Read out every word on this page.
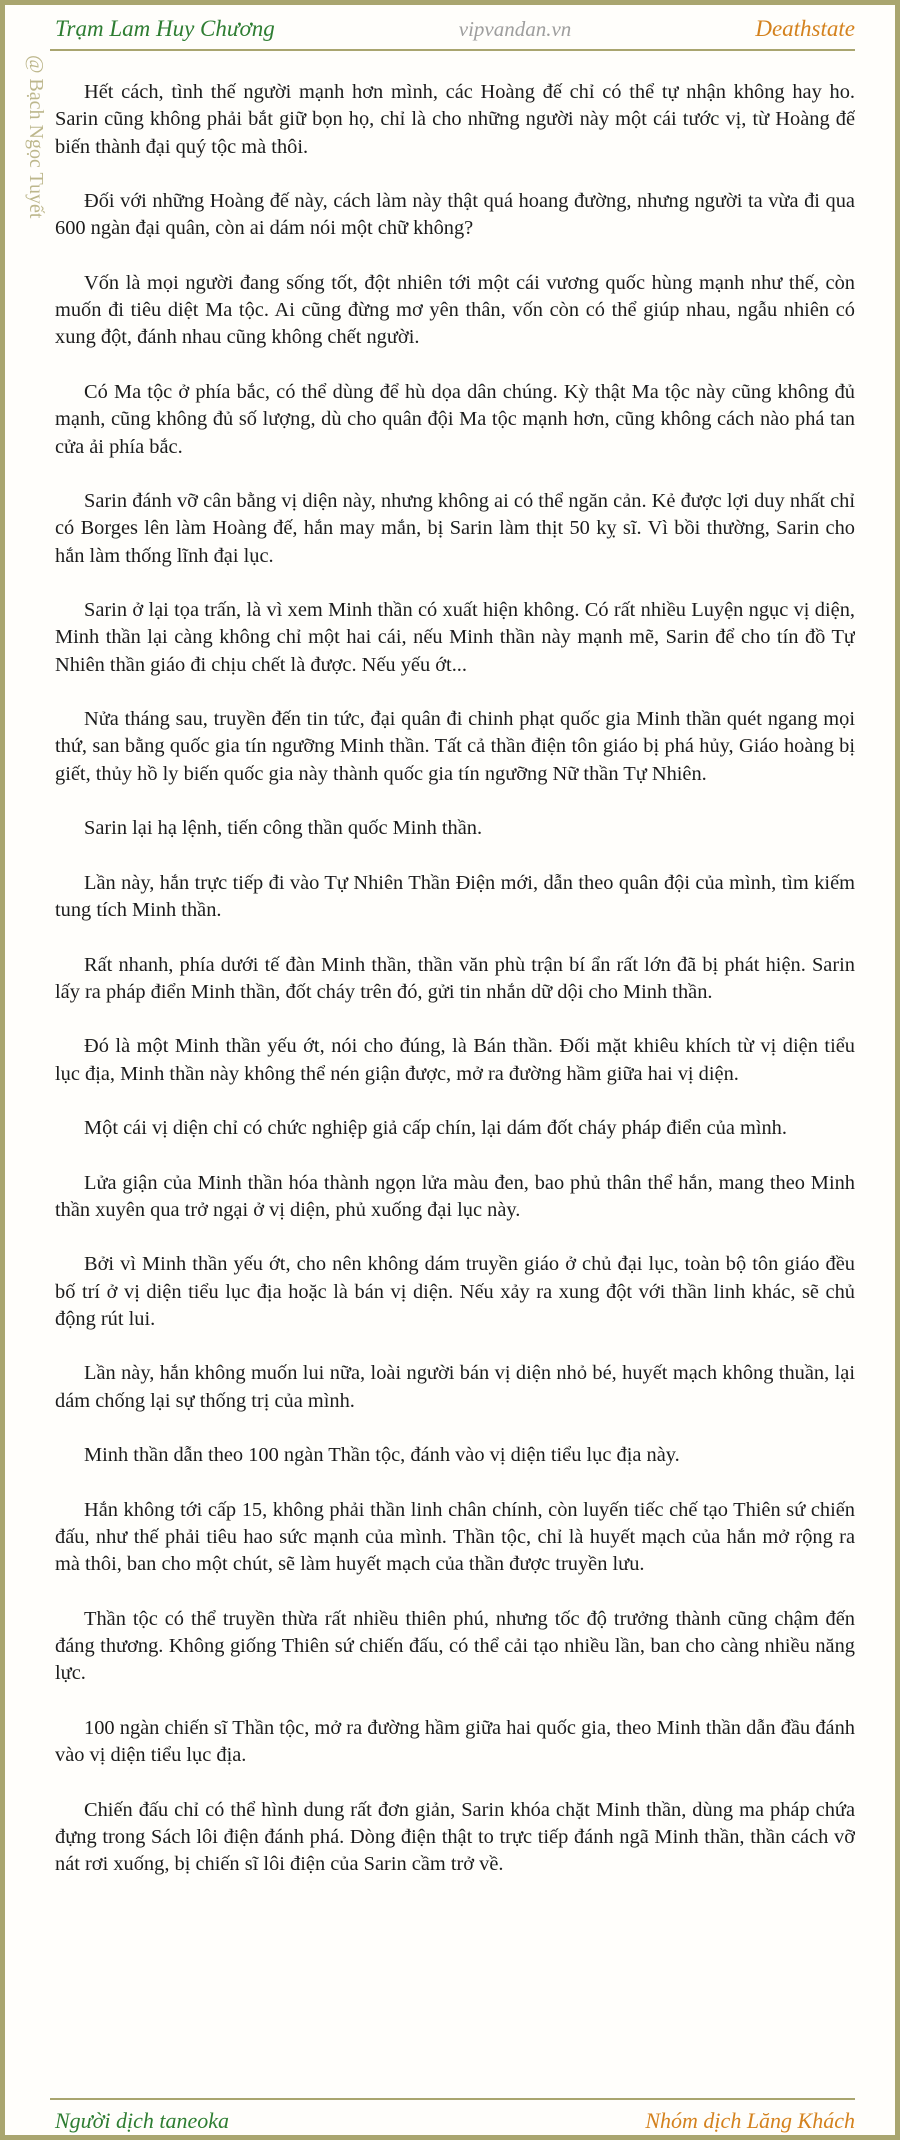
Trạm Lam Huy Chương	vipvandan.vn	Deathstate
@ Bạch Ngọc Tuyết	Hết cách, tình thế người mạnh hơn mình, các Hoàng đế chỉ có thể tự nhận không hay ho. Sarin cũng không phải bắt giữ bọn họ, chỉ là cho những người này một cái tước vị, từ Hoàng đế biến thành đại quý tộc mà thôi.

Đối với những Hoàng đế này, cách làm này thật quá hoang đường, nhưng người ta vừa đi qua 600 ngàn đại quân, còn ai dám nói một chữ không?

Vốn là mọi người đang sống tốt, đột nhiên tới một cái vương quốc hùng mạnh như thế, còn muốn đi tiêu diệt Ma tộc. Ai cũng đừng mơ yên thân, vốn còn có thể giúp nhau, ngẫu nhiên có xung đột, đánh nhau cũng không chết người.

Có Ma tộc ở phía bắc, có thể dùng để hù dọa dân chúng. Kỳ thật Ma tộc này cũng không đủ mạnh, cũng không đủ số lượng, dù cho quân đội Ma tộc mạnh hơn, cũng không cách nào phá tan cửa ải phía bắc.

Sarin đánh vỡ cân bằng vị diện này, nhưng không ai có thể ngăn cản. Kẻ được lợi duy nhất chỉ có Borges lên làm Hoàng đế, hắn may mắn, bị Sarin làm thịt 50 kỵ sĩ. Vì bồi thường, Sarin cho hắn làm thống lĩnh đại lục.

Sarin ở lại tọa trấn, là vì xem Minh thần có xuất hiện không. Có rất nhiều Luyện ngục vị diện, Minh thần lại càng không chỉ một hai cái, nếu Minh thần này mạnh mẽ, Sarin để cho tín đồ Tự Nhiên thần giáo đi chịu chết là được. Nếu yếu ớt...

Nửa tháng sau, truyền đến tin tức, đại quân đi chinh phạt quốc gia Minh thần quét ngang mọi thứ, san bằng quốc gia tín ngưỡng Minh thần. Tất cả thần điện tôn giáo bị phá hủy, Giáo hoàng bị giết, thủy hồ ly biến quốc gia này thành quốc gia tín ngưỡng Nữ thần Tự Nhiên.

Sarin lại hạ lệnh, tiến công thần quốc Minh thần.

Lần này, hắn trực tiếp đi vào Tự Nhiên Thần Điện mới, dẫn theo quân đội của mình, tìm kiếm tung tích Minh thần.

Rất nhanh, phía dưới tế đàn Minh thần, thần văn phù trận bí ẩn rất lớn đã bị phát hiện. Sarin lấy ra pháp điển Minh thần, đốt cháy trên đó, gửi tin nhắn dữ dội cho Minh thần.

Đó là một Minh thần yếu ớt, nói cho đúng, là Bán thần. Đối mặt khiêu khích từ vị diện tiểu lục địa, Minh thần này không thể nén giận được, mở ra đường hầm giữa hai vị diện.

Một cái vị diện chỉ có chức nghiệp giả cấp chín, lại dám đốt cháy pháp điển của mình.

Lửa giận của Minh thần hóa thành ngọn lửa màu đen, bao phủ thân thể hắn, mang theo Minh thần xuyên qua trở ngại ở vị diện, phủ xuống đại lục này.

Bởi vì Minh thần yếu ớt, cho nên không dám truyền giáo ở chủ đại lục, toàn bộ tôn giáo đều bố trí ở vị diện tiểu lục địa hoặc là bán vị diện. Nếu xảy ra xung đột với thần linh khác, sẽ chủ động rút lui.

Lần này, hắn không muốn lui nữa, loài người bán vị diện nhỏ bé, huyết mạch không thuần, lại dám chống lại sự thống trị của mình.

Minh thần dẫn theo 100 ngàn Thần tộc, đánh vào vị diện tiểu lục địa này.

Hắn không tới cấp 15, không phải thần linh chân chính, còn luyến tiếc chế tạo Thiên sứ chiến đấu, như thế phải tiêu hao sức mạnh của mình. Thần tộc, chỉ là huyết mạch của hắn mở rộng ra mà thôi, ban cho một chút, sẽ làm huyết mạch của thần được truyền lưu.

Thần tộc có thể truyền thừa rất nhiều thiên phú, nhưng tốc độ trưởng thành cũng chậm đến đáng thương. Không giống Thiên sứ chiến đấu, có thể cải tạo nhiều lần, ban cho càng nhiều năng lực.

100 ngàn chiến sĩ Thần tộc, mở ra đường hầm giữa hai quốc gia, theo Minh thần dẫn đầu đánh vào vị diện tiểu lục địa.

Chiến đấu chỉ có thể hình dung rất đơn giản, Sarin khóa chặt Minh thần, dùng ma pháp chứa đựng trong Sách lôi điện đánh phá. Dòng điện thật to trực tiếp đánh ngã Minh thần, thần cách vỡ nát rơi xuống, bị chiến sĩ lôi điện của Sarin cầm trở về.

Người dịch taneoka	Nhóm dịch Lăng Khách
